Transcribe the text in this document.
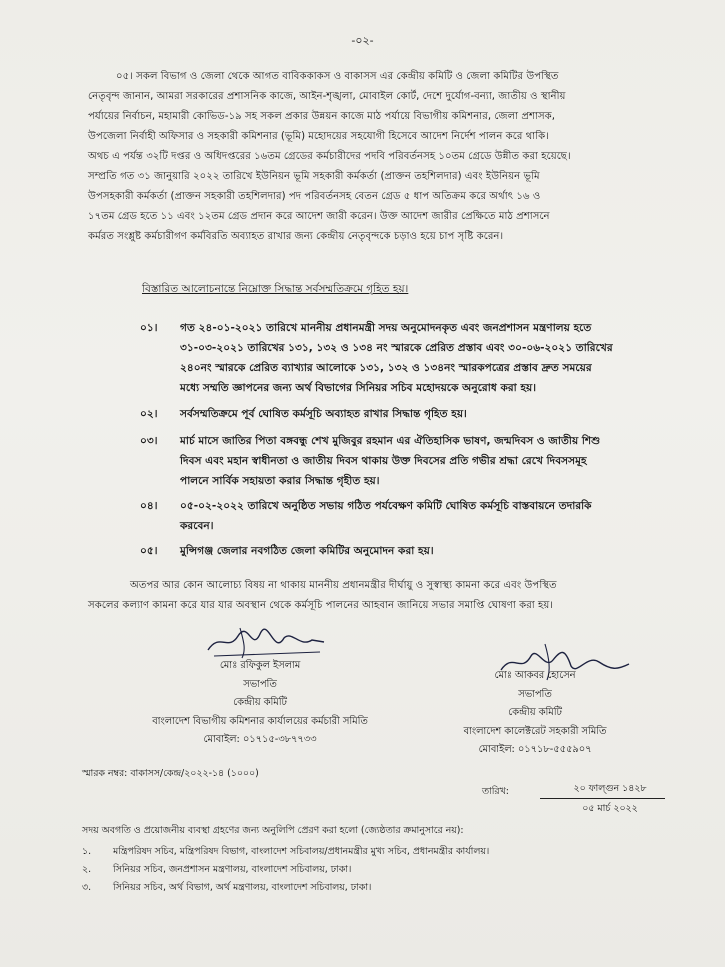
-০২-

০৫। সকল বিভাগ ও জেলা থেকে আগত বাবিককাকস ও বাকাসস এর কেন্দ্রীয় কমিটি ও জেলা কমিটির উপস্থিত

নেতৃবৃন্দ জানান, আমরা সরকারের প্রশাসনিক কাজে, আইন-শৃঙ্খলা, মোবাইল কোর্ট, দেশে দুর্যোগ-বন্যা, জাতীয় ও স্থানীয়

পর্যায়ের নির্বাচন, মহামারী কোভিড-১৯ সহ সকল প্রকার উন্নয়ন কাজে মাঠ পর্যায়ে বিভাগীয় কমিশনার, জেলা প্রশাসক,

উপজেলা নির্বাহী অফিসার ও সহকারী কমিশনার (ভূমি) মহোদয়ের সহযোগী হিসেবে আদেশ নির্দেশ পালন করে থাকি।

অথচ এ পর্যন্ত ৩২টি দপ্তর ও অধিদপ্তরের ১৬তম গ্রেডের কর্মচারীদের পদবি পরিবর্তনসহ ১০তম গ্রেডে উন্নীত করা হয়েছে।

সম্প্রতি গত ৩১ জানুয়ারি ২০২২ তারিখে ইউনিয়ন ভূমি সহকারী কর্মকর্তা (প্রাক্তন তহশিলদার) এবং ইউনিয়ন ভূমি

উপসহকারী কর্মকর্তা (প্রাক্তন সহকারী তহশিলদার) পদ পরিবর্তনসহ বেতন গ্রেড ৫ ধাপ অতিক্রম করে অর্থাৎ ১৬ ও

১৭তম গ্রেড হতে ১১ এবং ১২তম গ্রেড প্রদান করে আদেশ জারী করেন। উক্ত আদেশ জারীর প্রেক্ষিতে মাঠ প্রশাসনে

কর্মরত সংশ্লুষ্ট কর্মচারীগণ কর্মবিরতি অব্যাহত রাখার জন্য কেন্দ্রীয় নেতৃবৃন্দকে চড়াও হয়ে চাপ সৃষ্টি করেন।

বিস্তারিত আলোচনান্তে নিম্নোক্ত সিদ্ধান্ত সর্বসম্মতিক্রমে গৃহিত হয়।
০১।	গত ২৪-০১-২০২১ তারিখে মাননীয় প্রধানমন্ত্রী সদয় অনুমোদনকৃত এবং জনপ্রশাসন মন্ত্রণালয় হতে
৩১-০৩-২০২১ তারিখের ১৩১, ১৩২ ও ১৩৪ নং স্মারকে প্রেরিত প্রস্তাব এবং ৩০-০৬-২০২১ তারিখের
২৪০নং স্মারকে প্রেরিত ব্যাখ্যার আলোকে ১৩১, ১৩২ ও ১৩৪নং স্মারকপত্রের প্রস্তাব দ্রুত সময়ের
মধ্যে সম্মতি জ্ঞাপনের জন্য অর্থ বিভাগের সিনিয়র সচিব মহোদয়কে অনুরোধ করা হয়।
০২।	সর্বসম্মতিক্রমে পূর্ব ঘোষিত কর্মসূচি অব্যাহত রাখার সিদ্ধান্ত গৃহিত হয়।
০৩।	মার্চ মাসে জাতির পিতা বঙ্গবন্ধু শেখ মুজিবুর রহমান এর ঐতিহাসিক ভাষণ, জন্মদিবস ও জাতীয় শিশু
দিবস এবং মহান স্বাধীনতা ও জাতীয় দিবস থাকায় উক্ত দিবসের প্রতি গভীর শ্রদ্ধা রেখে দিবসসমূহ
পালনে সার্বিক সহায়তা করার সিদ্ধান্ত গৃহীত হয়।
০৪।	০৫-০২-২০২২ তারিখে অনুষ্ঠিত সভায় গঠিত পর্যবেক্ষণ কমিটি ঘোষিত কর্মসূচি বাস্তবায়নে তদারকি
করবেন।
০৫।	মুন্সিগঞ্জ জেলার নবগঠিত জেলা কমিটির অনুমোদন করা হয়।

অতপর আর কোন আলোচ্য বিষয় না থাকায় মাননীয় প্রধানমন্ত্রীর দীর্ঘায়ু ও সুস্বাস্থ্য কামনা করে এবং উপস্থিত

সকলের কল্যাণ কামনা করে যার যার অবস্থান থেকে কর্মসূচি পালনের আহবান জানিয়ে সভার সমাপ্তি ঘোষণা করা হয়।

মোঃ রফিকুল ইসলাম
সভাপতি
কেন্দ্রীয় কমিটি
বাংলাদেশ বিভাগীয় কমিশনার কার্যালয়ের কর্মচারী সমিতি
মোবাইল: ০১৭১৫-৩৮৭৭৩৩
মোঃ আকবর হোসেন
সভাপতি
কেন্দ্রীয় কমিটি
বাংলাদেশ কালেক্টরেট সহকারী সমিতি
মোবাইল: ০১৭১৮-৫৫৫৯০৭
স্মারক নম্বর: বাকাসস/কেন্দ্র/২০২২-১৪ (১০০০)
তারিখ:	২০ ফাল্গুন ১৪২৮
০৫ মার্চ ২০২২
সদয় অবগতি ও প্রয়োজনীয় ব্যবস্থা গ্রহণের জন্য অনুলিপি প্রেরণ করা হলো (জ্যেষ্ঠতার ক্রমানুসারে নয়):
১. মন্ত্রিপরিষদ সচিব, মন্ত্রিপরিষদ বিভাগ, বাংলাদেশ সচিবালয়/প্রধানমন্ত্রীর মুখ্য সচিব, প্রধানমন্ত্রীর কার্যালয়।
২. সিনিয়র সচিব, জনপ্রশাসন মন্ত্রণালয়, বাংলাদেশ সচিবালয়, ঢাকা।
৩. সিনিয়র সচিব, অর্থ বিভাগ, অর্থ মন্ত্রণালয়, বাংলাদেশ সচিবালয়, ঢাকা।
